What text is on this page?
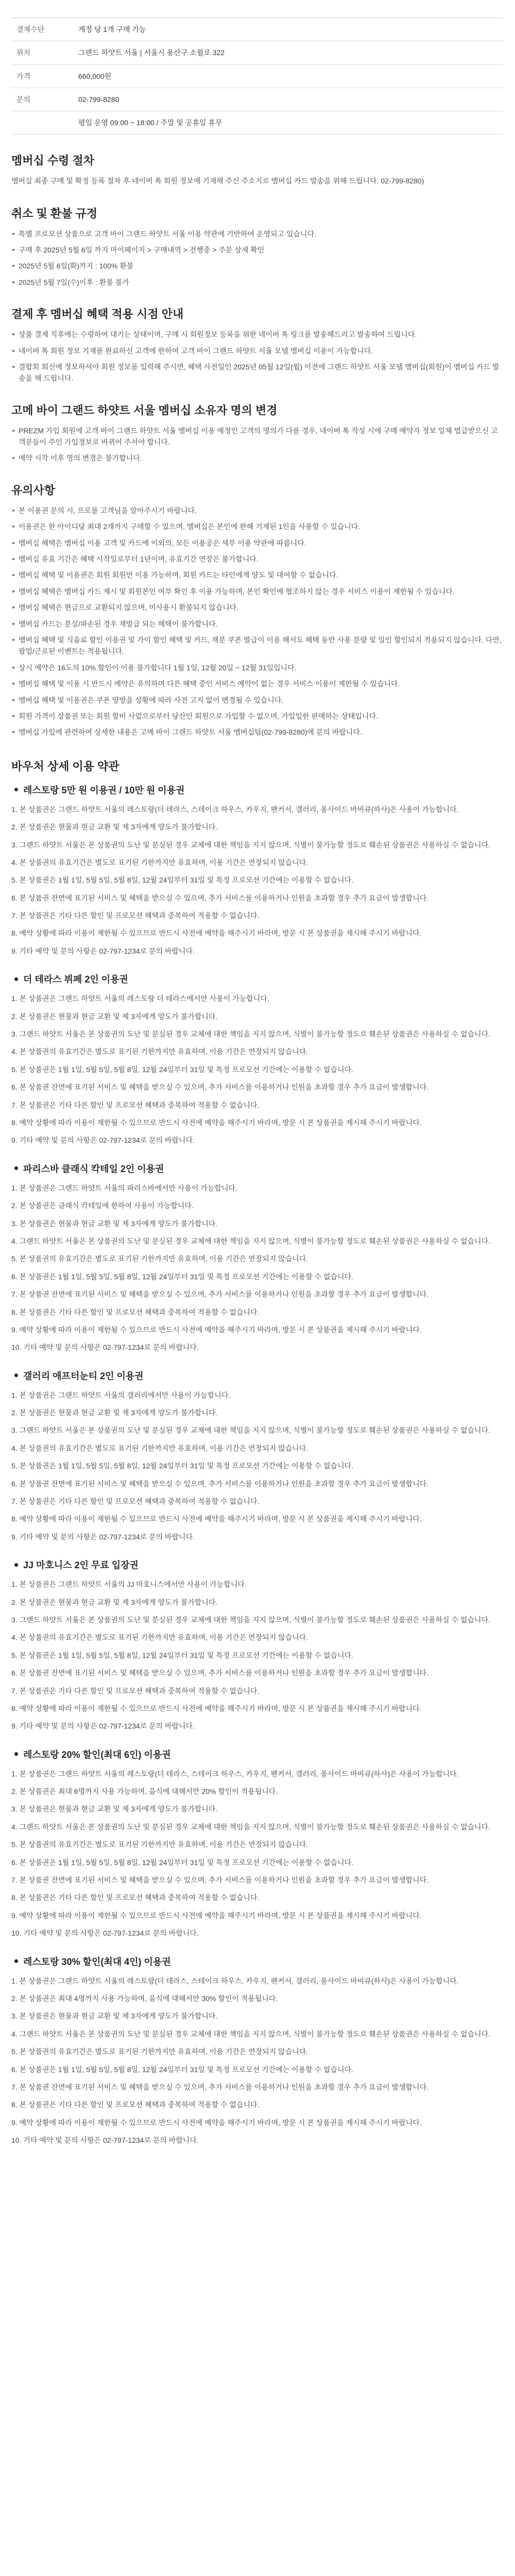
결제수단	계정 당 1개 구매 가능
위치	그랜드 하얏트 서울 | 서울시 용산구 소월로 322
가격	660,000원
문의	02-799-8280
	평일 운영 09:00 ~ 18:00 / 주말 및 공휴일 휴무
멤버십 수령 절차
멤버십 최종 구매 및 확정 등록 절차 후 네이버 톡 회원 정보에 기재해 주신 주소지로 멤버십 카드 발송을 위해 드립니다. 02-799-8280)
취소 및 환불 규정
특별 프로모션 상품으로 고객 바이 그랜드 하얏트 서울 이용 약관에 기반하여 운영되고 있습니다.
구매 후 2025년 5월 6일 까지 마이페이지 > 구매내역 > 전행중 > 주문 상세 확인
2025년 5월 6일(화)까지 : 100% 환불
2025년 5월 7일(수)이후 : 환불 불가
결제 후 멤버십 혜택 적용 시점 안내
상품 결제 직후에는 수령하여 대기는 상태이며, 구매 시 회원정보 등록을 위한 네이버 톡 링크를 발송해드리고 발송하여 드립니다.
네이버 톡 회원 정보 기재를 완료하신 고객에 한하여 고객 바이 그랜드 하얏트 서울 모델 멤버십 이용이 가능합니다.
결합회 회신에 정보하셔야 회원 정보를 입력해 주시면, 혜택 사전일인 2025년 05월 12일(월) 이전에 그랜드 하얏트 서울 모델 멤버십(회원)이 멤버십 카드 발송을 해 드립니다.
고메 바이 그랜드 하얏트 서울 멤버십 소유자 명의 변경
PREZM 가입 회원에 고객 바이 그랜드 하얏트 서울 멤버십 이용 예정인 고객의 명의가 다를 경우, 네이버 톡 작성 시에 구매 예약자 정보 일체 법급받으신 고객분들이 주인 가입정보로 바뀌어 주셔야 합니다.
예약 시작 이후 명의 변경은 불가합니다.
유의사항
본 이용권 문의 시, 프로를 고객님을 알아주시기 바랍니다.
이용권은 한 아이디당 최대 2개까지 구매할 수 있으며, 멤버십은 본인에 한해 기재된 1인을 사용할 수 있습니다.
멤버십 혜택은 멤버십 이용 고객 및 카드에 이외의, 모든 이용공은 세부 이용 약관에 따릅니다.
멤버십 유효 기간은 혜택 시작일로부터 1년이며, 유효기간 연장은 불가합니다.
멤버십 혜택 및 이용권은 회원 회원만 이용 가능하며, 회원 카드는 타인에게 양도 및 대여할 수 없습니다.
멤버십 혜택은 멤버십 카드 제시 및 회원본인 여부 확인 후 이용 가능하며, 본인 확인에 협조하지 않는 경우 서비스 이용이 제한될 수 있습니다.
멤버십 혜택은 현금으로 교환되지 않으며, 미사용시 환불되지 않습니다.
멤버십 카드는 분실/파손된 경우 재발급 되는 해택이 불가합니다.
멤버십 혜택 및 식음료 할인 이용권 및 가이 할인 혜택 및 카드, 재분 쿠폰 발급이 이용 해서도 혜택 동반 사용 분량 및 일인 할인되지 적용되지 않습니다. 다만, 팝업/근로된 이벤트는 적용됩니다.
상시 예약은 16도의 10% 할인이 이용 불가합니다 1월 1일, 12월 20일 ~ 12월 31일입니다.
멤버십 혜택 및 이용 시 반드시 예약은 유의하며 다른 혜택 중인 서비스 예약이 없는 경우 서비스 이용이 제한될 수 있습니다.
멤버십 혜택 및 이용권은 쿠폰 양방을 상황에 따라 사전 고지 없이 변경될 수 있습니다.
회원 가격이 상품권 또는 회원 할비 사업으로부터 당산인 회원으로 가입할 수 없으며, 가입입한 판매하는 상태입니다.
멤버십 가입에 관련하여 상세한 내용은 고메 바이 그랜드 하얏트 서울 멤버십팀(02-799-8280)에 문의 바랍니다.
바우처 상세 이용 약관
레스토랑 5만 원 이용권 / 10만 원 이용권

1. 본 상품권은 그랜드 하얏트 서울의 레스토랑(더 테라스, 스테이크 하우스, 카우지, 팬커서, 갤러리, 올사이드 바비큐(하사)은 사용이 가능합니다.

2. 본 상품권은 현물과 현금 교환 및 제 3자에게 양도가 불가합니다.

3. 그랜드 하얏트 서울은 본 상품권의 도난 및 분실된 경우 교체에 대한 책임을 지지 않으며, 식별이 불가능할 정도로 훼손된 상품권은 사용하실 수 없습니다.

4. 본 상품권의 유효기간은 별도로 표기된 기한까지만 유효하며, 이용 기간은 연장되지 않습니다.

5. 본 상품권은 1월 1일, 5월 5일, 5월 8일, 12월 24일부터 31일 및 특정 프로모션 기간에는 이용할 수 없습니다.

6. 본 상품권 잔면에 표기된 서비스 및 혜택을 받으실 수 있으며, 추가 서비스를 이용하거나 인원을 초과할 경우 추가 요금이 발생합니다.

7. 본 상품권은 기타 다른 할인 및 프로모션 혜택과 중복하여 적용할 수 없습니다.

8. 예약 상황에 따라 이용이 제한될 수 있으므로 반드시 사전에 예약을 해주시기 바라며, 방문 시 본 상품권을 제시해 주시기 바랍니다.

9. 기타 예약 및 문의 사항은 02-797-1234로 문의 바랍니다.

더 테라스 뷔페 2인 이용권

1. 본 상품권은 그랜드 하얏트 서울의 레스토랑 더 테라스에서만 사용이 가능합니다.

2. 본 상품권은 현물과 현금 교환 및 제 3자에게 양도가 불가합니다.

3. 그랜드 하얏트 서울은 본 상품권의 도난 및 분실된 경우 교체에 대한 책임을 지지 않으며, 식별이 불가능할 정도로 훼손된 상품권은 사용하실 수 없습니다.

4. 본 상품권의 유효기간은 별도로 표기된 기한까지만 유효하며, 이용 기간은 연장되지 않습니다.

5. 본 상품권은 1월 1일, 5월 5일, 5월 8일, 12월 24일부터 31일 및 특정 프로모션 기간에는 이용할 수 없습니다.

6. 본 상품권 잔면에 표기된 서비스 및 혜택을 받으실 수 있으며, 추가 서비스를 이용하거나 인원을 초과할 경우 추가 요금이 발생합니다.

7. 본 상품권은 기타 다른 할인 및 프로모션 혜택과 중복하여 적용할 수 없습니다.

8. 예약 상황에 따라 이용이 제한될 수 있으므로 반드시 사전에 예약을 해주시기 바라며, 방문 시 본 상품권을 제시해 주시기 바랍니다.

9. 기타 예약 및 문의 사항은 02-797-1234로 문의 바랍니다.

파리스바 클래식 칵테일 2인 이용권

1. 본 상품권은 그랜드 하얏트 서울의 파리스바에서만 사용이 가능합니다.

2. 본 상품권은 클래식 칵테일에 한하여 사용이 가능합니다.

3. 본 상품권은 현물과 현금 교환 및 제 3자에게 양도가 불가합니다.

4. 그랜드 하얏트 서울은 본 상품권의 도난 및 분실된 경우 교체에 대한 책임을 지지 않으며, 식별이 불가능할 정도로 훼손된 상품권은 사용하실 수 없습니다.

5. 본 상품권의 유효기간은 별도로 표기된 기한까지만 유효하며, 이용 기간은 연장되지 않습니다.

6. 본 상품권은 1월 1일, 5월 5일, 5월 8일, 12월 24일부터 31일 및 특정 프로모션 기간에는 이용할 수 없습니다.

7. 본 상품권 잔면에 표기된 서비스 및 혜택을 받으실 수 있으며, 추가 서비스를 이용하거나 인원을 초과할 경우 추가 요금이 발생합니다.

8. 본 상품권은 기타 다른 할인 및 프로모션 혜택과 중복하여 적용할 수 없습니다.

9. 예약 상황에 따라 이용이 제한될 수 있으므로 반드시 사전에 예약을 해주시기 바라며, 방문 시 본 상품권을 제시해 주시기 바랍니다.

10. 기타 예약 및 문의 사항은 02-797-1234로 문의 바랍니다.

갤러리 애프터눈티 2인 이용권

1. 본 상품권은 그랜드 하얏트 서울의 갤러리에서만 사용이 가능합니다.

2. 본 상품권은 현물과 현금 교환 및 제 3자에게 양도가 불가합니다.

3. 그랜드 하얏트 서울은 본 상품권의 도난 및 분실된 경우 교체에 대한 책임을 지지 않으며, 식별이 불가능할 정도로 훼손된 상품권은 사용하실 수 없습니다.

4. 본 상품권의 유효기간은 별도로 표기된 기한까지만 유효하며, 이용 기간은 연장되지 않습니다.

5. 본 상품권은 1월 1일, 5월 5일, 5월 8일, 12월 24일부터 31일 및 특정 프로모션 기간에는 이용할 수 없습니다.

6. 본 상품권 잔면에 표기된 서비스 및 혜택을 받으실 수 있으며, 추가 서비스를 이용하거나 인원을 초과할 경우 추가 요금이 발생합니다.

7. 본 상품권은 기타 다른 할인 및 프로모션 혜택과 중복하여 적용할 수 없습니다.

8. 예약 상황에 따라 이용이 제한될 수 있으므로 반드시 사전에 예약을 해주시기 바라며, 방문 시 본 상품권을 제시해 주시기 바랍니다.

9. 기타 예약 및 문의 사항은 02-797-1234로 문의 바랍니다.

JJ 마호니스 2인 무료 입장권

1. 본 상품권은 그랜드 하얏트 서울의 JJ 마호니스에서만 사용이 가능합니다.

2. 본 상품권은 현물과 현금 교환 및 제 3자에게 양도가 불가합니다.

3. 그랜드 하얏트 서울은 본 상품권의 도난 및 분실된 경우 교체에 대한 책임을 지지 않으며, 식별이 불가능할 정도로 훼손된 상품권은 사용하실 수 없습니다.

4. 본 상품권의 유효기간은 별도로 표기된 기한까지만 유효하며, 이용 기간은 연장되지 않습니다.

5. 본 상품권은 1월 1일, 5월 5일, 5월 8일, 12월 24일부터 31일 및 특정 프로모션 기간에는 이용할 수 없습니다.

6. 본 상품권 잔면에 표기된 서비스 및 혜택을 받으실 수 있으며, 추가 서비스를 이용하거나 인원을 초과할 경우 추가 요금이 발생합니다.

7. 본 상품권은 기타 다른 할인 및 프로모션 혜택과 중복하여 적용할 수 없습니다.

8. 예약 상황에 따라 이용이 제한될 수 있으므로 반드시 사전에 예약을 해주시기 바라며, 방문 시 본 상품권을 제시해 주시기 바랍니다.

9. 기타 예약 및 문의 사항은 02-797-1234로 문의 바랍니다.

레스토랑 20% 할인(최대 6인) 이용권

1. 본 상품권은 그랜드 하얏트 서울의 레스토랑(더 테라스, 스테이크 하우스, 카우지, 팬커서, 갤러리, 올사이드 바비큐(하사)은 사용이 가능합니다.

2. 본 상품권은 최대 6명까지 사용 가능하며, 음식에 대해서만 20% 할인이 적용됩니다.

3. 본 상품권은 현물과 현금 교환 및 제 3자에게 양도가 불가합니다.

4. 그랜드 하얏트 서울은 본 상품권의 도난 및 분실된 경우 교체에 대한 책임을 지지 않으며, 식별이 불가능할 정도로 훼손된 상품권은 사용하실 수 없습니다.

5. 본 상품권의 유효기간은 별도로 표기된 기한까지만 유효하며, 이용 기간은 연장되지 않습니다.

6. 본 상품권은 1월 1일, 5월 5일, 5월 8일, 12월 24일부터 31일 및 특정 프로모션 기간에는 이용할 수 없습니다.

7. 본 상품권 잔면에 표기된 서비스 및 혜택을 받으실 수 있으며, 추가 서비스를 이용하거나 인원을 초과할 경우 추가 요금이 발생합니다.

8. 본 상품권은 기타 다른 할인 및 프로모션 혜택과 중복하여 적용할 수 없습니다.

9. 예약 상황에 따라 이용이 제한될 수 있으므로 반드시 사전에 예약을 해주시기 바라며, 방문 시 본 상품권을 제시해 주시기 바랍니다.

10. 기타 예약 및 문의 사항은 02-797-1234로 문의 바랍니다.

레스토랑 30% 할인(최대 4인) 이용권

1. 본 상품권은 그랜드 하얏트 서울의 레스토랑(더 테라스, 스테이크 하우스, 카우지, 팬커서, 갤러리, 올사이드 바비큐(하사)은 사용이 가능합니다.

2. 본 상품권은 최대 4명까지 사용 가능하며, 음식에 대해서만 30% 할인이 적용됩니다.

3. 본 상품권은 현물과 현금 교환 및 제 3자에게 양도가 불가합니다.

4. 그랜드 하얏트 서울은 본 상품권의 도난 및 분실된 경우 교체에 대한 책임을 지지 않으며, 식별이 불가능할 정도로 훼손된 상품권은 사용하실 수 없습니다.

5. 본 상품권의 유효기간은 별도로 표기된 기한까지만 유효하며, 이용 기간은 연장되지 않습니다.

6. 본 상품권은 1월 1일, 5월 5일, 5월 8일, 12월 24일부터 31일 및 특정 프로모션 기간에는 이용할 수 없습니다.

7. 본 상품권 잔면에 표기된 서비스 및 혜택을 받으실 수 있으며, 추가 서비스를 이용하거나 인원을 초과할 경우 추가 요금이 발생합니다.

8. 본 상품권은 기타 다른 할인 및 프로모션 혜택과 중복하여 적용할 수 없습니다.

9. 예약 상황에 따라 이용이 제한될 수 있으므로 반드시 사전에 예약을 해주시기 바라며, 방문 시 본 상품권을 제시해 주시기 바랍니다.

10. 기타 예약 및 문의 사항은 02-797-1234로 문의 바랍니다.
